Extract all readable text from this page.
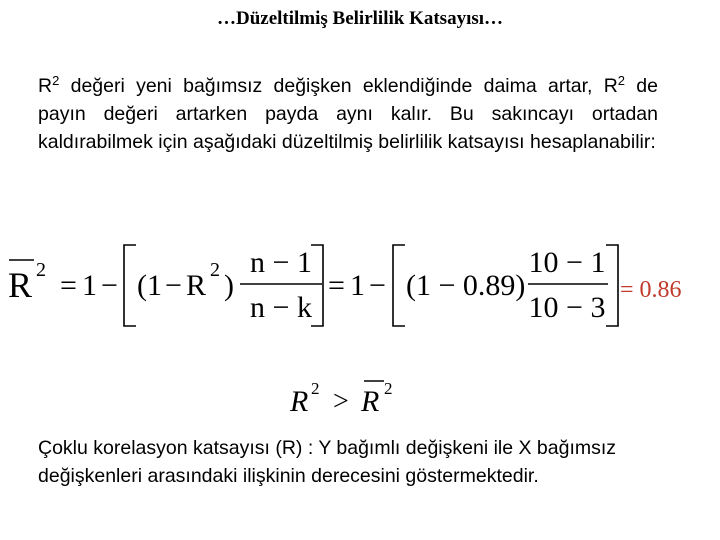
…Düzeltilmiş Belirlilik Katsayısı…
$R^2$ değeri yeni bağımsız değişken eklendiğinde daima artar, $R^2$ de payın değeri artarken payda aynı kalır. Bu sakıncayı ortadan kaldırabilmek için aşağıdaki düzeltilmiş belirlilik katsayısı hesaplanabilir:
R 2 = 1 − (1 − R 2 )
n − 1
n − k
= 1 − (1 − 0.89)
10 − 1
10 − 3
= 0.86
R 2 > R 2
Çoklu korelasyon katsayısı (R) : Y bağımlı değişkeni ile X bağımsız değişkenleri arasındaki ilişkinin derecesini göstermektedir.
